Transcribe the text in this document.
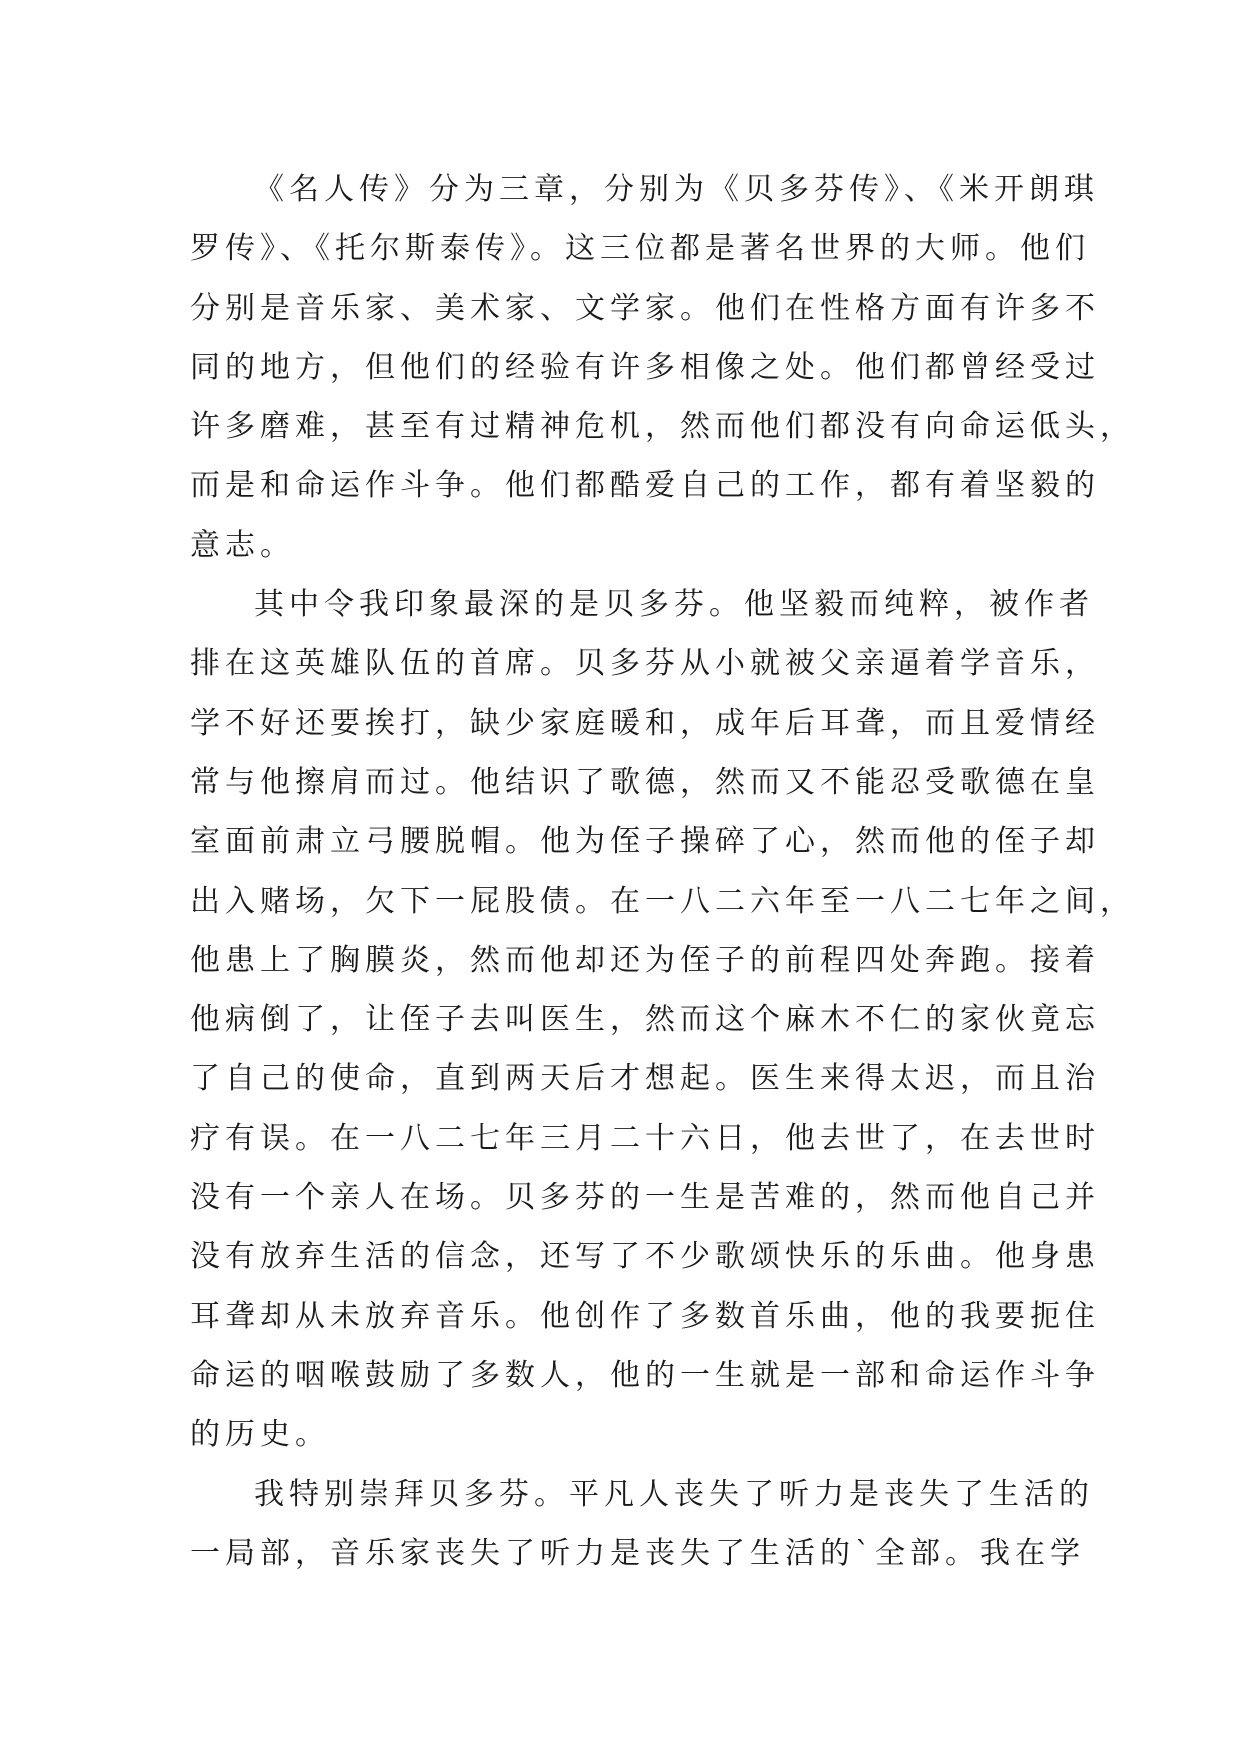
《名人传》分为三章，分别为《贝多芬传》、《米开朗琪
罗传》、《托尔斯泰传》。这三位都是著名世界的大师。他们
分别是音乐家、美术家、文学家。他们在性格方面有许多不
同的地方，但他们的经验有许多相像之处。他们都曾经受过
许多磨难，甚至有过精神危机，然而他们都没有向命运低头，
而是和命运作斗争。他们都酷爱自己的工作，都有着坚毅的
意志。

其中令我印象最深的是贝多芬。他坚毅而纯粹，被作者
排在这英雄队伍的首席。贝多芬从小就被父亲逼着学音乐，
学不好还要挨打，缺少家庭暖和，成年后耳聋，而且爱情经
常与他擦肩而过。他结识了歌德，然而又不能忍受歌德在皇
室面前肃立弓腰脱帽。他为侄子操碎了心，然而他的侄子却
出入赌场，欠下一屁股债。在一八二六年至一八二七年之间，
他患上了胸膜炎，然而他却还为侄子的前程四处奔跑。接着
他病倒了，让侄子去叫医生，然而这个麻木不仁的家伙竟忘
了自己的使命，直到两天后才想起。医生来得太迟，而且治
疗有误。在一八二七年三月二十六日，他去世了，在去世时
没有一个亲人在场。贝多芬的一生是苦难的，然而他自己并
没有放弃生活的信念，还写了不少歌颂快乐的乐曲。他身患
耳聋却从未放弃音乐。他创作了多数首乐曲，他的我要扼住
命运的咽喉鼓励了多数人，他的一生就是一部和命运作斗争
的历史。

我特别崇拜贝多芬。平凡人丧失了听力是丧失了生活的
一局部，音乐家丧失了听力是丧失了生活的`全部。我在学
